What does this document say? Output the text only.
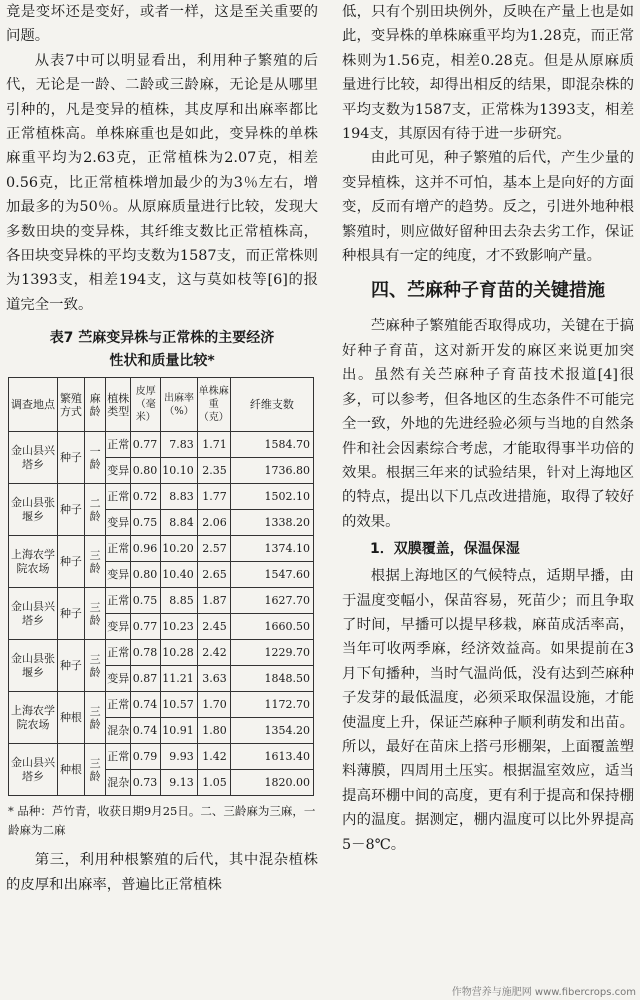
竟是变坏还是变好，或者一样，这是至关重要的问题。

从表7中可以明显看出，利用种子繁殖的后代，无论是一龄、二龄或三龄麻，无论是从哪里引种的，凡是变异的植株，其皮厚和出麻率都比正常植株高。单株麻重也是如此，变异株的单株麻重平均为2.63克，正常植株为2.07克，相差0.56克，比正常植株增加最少的为3％左右，增加最多的为50％。从原麻质量进行比较，发现大多数田块的变异株，其纤维支数比正常植株高，各田块变异株的平均支数为1587支，而正常株则为1393支，相差194支，这与莫如枝等[6]的报道完全一致。

表7 苎麻变异株与正常株的主要经济
性状和质量比较*
调查地点	繁殖方式	麻龄	植株类型	皮厚（毫米）	出麻率（%）	单株麻重（克）	纤维支数
金山县兴塔乡	种子	一龄	正常	0.77	7.83	1.71	1584.70
			变异	0.80	10.10	2.35	1736.80
金山县张堰乡	种子	二龄	正常	0.72	8.83	1.77	1502.10
			变异	0.75	8.84	2.06	1338.20
上海农学院农场	种子	三龄	正常	0.96	10.20	2.57	1374.10
			变异	0.80	10.40	2.65	1547.60
金山县兴塔乡	种子	三龄	正常	0.75	8.85	1.87	1627.70
			变异	0.77	10.23	2.45	1660.50
金山县张堰乡	种子	三龄	正常	0.78	10.28	2.42	1229.70
			变异	0.87	11.21	3.63	1848.50
上海农学院农场	种根	三龄	正常	0.74	10.57	1.70	1172.70
			混杂	0.74	10.91	1.80	1354.20
金山县兴塔乡	种根	三龄	正常	0.79	9.93	1.42	1613.40
			混杂	0.73	9.13	1.05	1820.00
* 品种：芦竹青，收获日期9月25日。二、三龄麻为三麻，一龄麻为二麻

第三，利用种根繁殖的后代，其中混杂植株的皮厚和出麻率，普遍比正常植株

低，只有个别田块例外，反映在产量上也是如此，变异株的单株麻重平均为1.28克，而正常株则为1.56克，相差0.28克。但是从原麻质量进行比较，却得出相反的结果，即混杂株的平均支数为1587支，正常株为1393支，相差194支，其原因有待于进一步研究。

由此可见，种子繁殖的后代，产生少量的变异植株，这并不可怕，基本上是向好的方面变，反而有增产的趋势。反之，引进外地种根繁殖时，则应做好留种田去杂去劣工作，保证种根具有一定的纯度，才不致影响产量。

四、苎麻种子育苗的关键措施

苎麻种子繁殖能否取得成功，关键在于搞好种子育苗，这对新开发的麻区来说更加突出。虽然有关苎麻种子育苗技术报道[4]很多，可以参考，但各地区的生态条件不可能完全一致，外地的先进经验必须与当地的自然条件和社会因素综合考虑，才能取得事半功倍的效果。根据三年来的试验结果，针对上海地区的特点，提出以下几点改进措施，取得了较好的效果。

1．双膜覆盖，保温保湿

根据上海地区的气候特点，适期早播，由于温度变幅小，保苗容易，死苗少；而且争取了时间，早播可以提早移栽，麻苗成活率高，当年可收两季麻，经济效益高。如果提前在3月下旬播种，当时气温尚低，没有达到苎麻种子发芽的最低温度，必须采取保温设施，才能使温度上升，保证苎麻种子顺利萌发和出苗。所以，最好在苗床上搭弓形棚架，上面覆盖塑料薄膜，四周用土压实。根据温室效应，适当提高环棚中间的高度，更有利于提高和保持棚内的温度。据测定，棚内温度可以比外界提高5－8℃。

作物营养与施肥网 www.fibercrops.com
